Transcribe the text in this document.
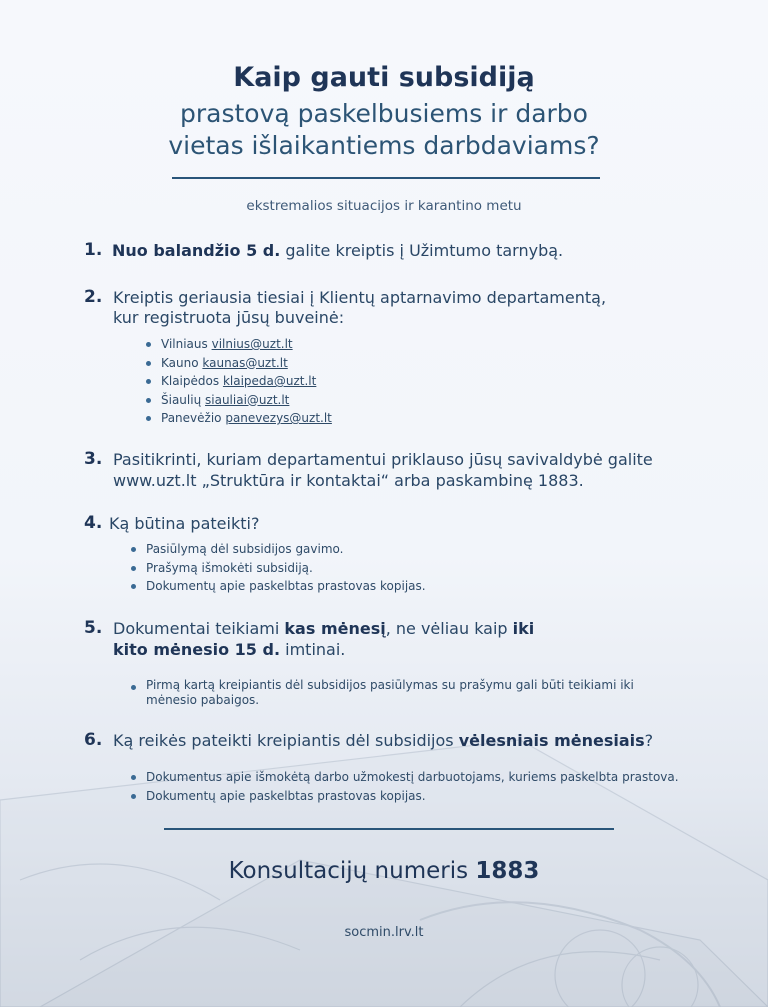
Kaip gauti subsidiją
prastovą paskelbusiems ir darbo
vietas išlaikantiems darbdaviams?
ekstremalios situacijos ir karantino metu
1. Nuo balandžio 5 d. galite kreiptis į Užimtumo tarnybą.
2. Kreiptis geriausia tiesiai į Klientų aptarnavimo departamentą,
kur registruota jūsų buveinė:
Vilniaus vilnius@uzt.lt
Kauno kaunas@uzt.lt
Klaipėdos klaipeda@uzt.lt
Šiaulių siauliai@uzt.lt
Panevėžio panevezys@uzt.lt
3. Pasitikrinti, kuriam departamentui priklauso jūsų savivaldybė galite
www.uzt.lt „Struktūra ir kontaktai“ arba paskambinę 1883.
4. Ką būtina pateikti?
Pasiūlymą dėl subsidijos gavimo.
Prašymą išmokėti subsidiją.
Dokumentų apie paskelbtas prastovas kopijas.
5. Dokumentai teikiami kas mėnesį, ne vėliau kaip iki
kito mėnesio 15 d. imtinai.
Pirmą kartą kreipiantis dėl subsidijos pasiūlymas su prašymu gali būti teikiami iki mėnesio pabaigos.
6. Ką reikės pateikti kreipiantis dėl subsidijos vėlesniais mėnesiais?
Dokumentus apie išmokėtą darbo užmokestį darbuotojams, kuriems paskelbta prastova.
Dokumentų apie paskelbtas prastovas kopijas.
Konsultacijų numeris 1883
socmin.lrv.lt
